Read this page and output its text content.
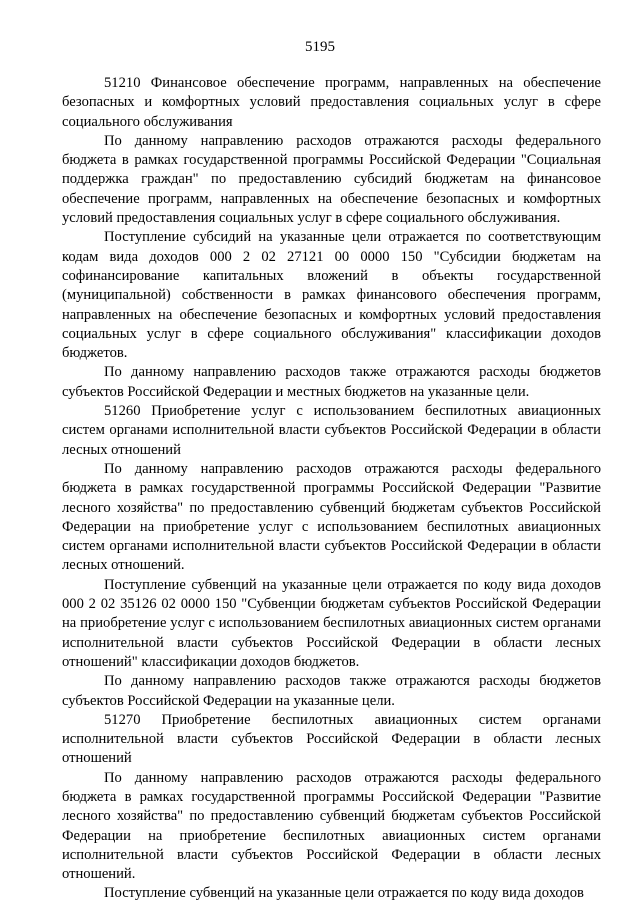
5195

51210 Финансовое обеспечение программ, направленных на обеспечение безопасных и комфортных условий предоставления социальных услуг в сфере социального обслуживания

По данному направлению расходов отражаются расходы федерального бюджета в рамках государственной программы Российской Федерации "Социальная поддержка граждан" по предоставлению субсидий бюджетам на финансовое обеспечение программ, направленных на обеспечение безопасных и комфортных условий предоставления социальных услуг в сфере социального обслуживания.

Поступление субсидий на указанные цели отражается по соответствующим кодам вида доходов 000 2 02 27121 00 0000 150 "Субсидии бюджетам на софинансирование капитальных вложений в объекты государственной (муниципальной) собственности в рамках финансового обеспечения программ, направленных на обеспечение безопасных и комфортных условий предоставления социальных услуг в сфере социального обслуживания" классификации доходов бюджетов.

По данному направлению расходов также отражаются расходы бюджетов субъектов Российской Федерации и местных бюджетов на указанные цели.

51260 Приобретение услуг с использованием беспилотных авиационных систем органами исполнительной власти субъектов Российской Федерации в области лесных отношений

По данному направлению расходов отражаются расходы федерального бюджета в рамках государственной программы Российской Федерации "Развитие лесного хозяйства" по предоставлению субвенций бюджетам субъектов Российской Федерации на приобретение услуг с использованием беспилотных авиационных систем органами исполнительной власти субъектов Российской Федерации в области лесных отношений.

Поступление субвенций на указанные цели отражается по коду вида доходов 000 2 02 35126 02 0000 150 "Субвенции бюджетам субъектов Российской Федерации на приобретение услуг с использованием беспилотных авиационных систем органами исполнительной власти субъектов Российской Федерации в области лесных отношений" классификации доходов бюджетов.

По данному направлению расходов также отражаются расходы бюджетов субъектов Российской Федерации на указанные цели.

51270 Приобретение беспилотных авиационных систем органами исполнительной власти субъектов Российской Федерации в области лесных отношений

По данному направлению расходов отражаются расходы федерального бюджета в рамках государственной программы Российской Федерации "Развитие лесного хозяйства" по предоставлению субвенций бюджетам субъектов Российской Федерации на приобретение беспилотных авиационных систем органами исполнительной власти субъектов Российской Федерации в области лесных отношений.

Поступление субвенций на указанные цели отражается по коду вида доходов
